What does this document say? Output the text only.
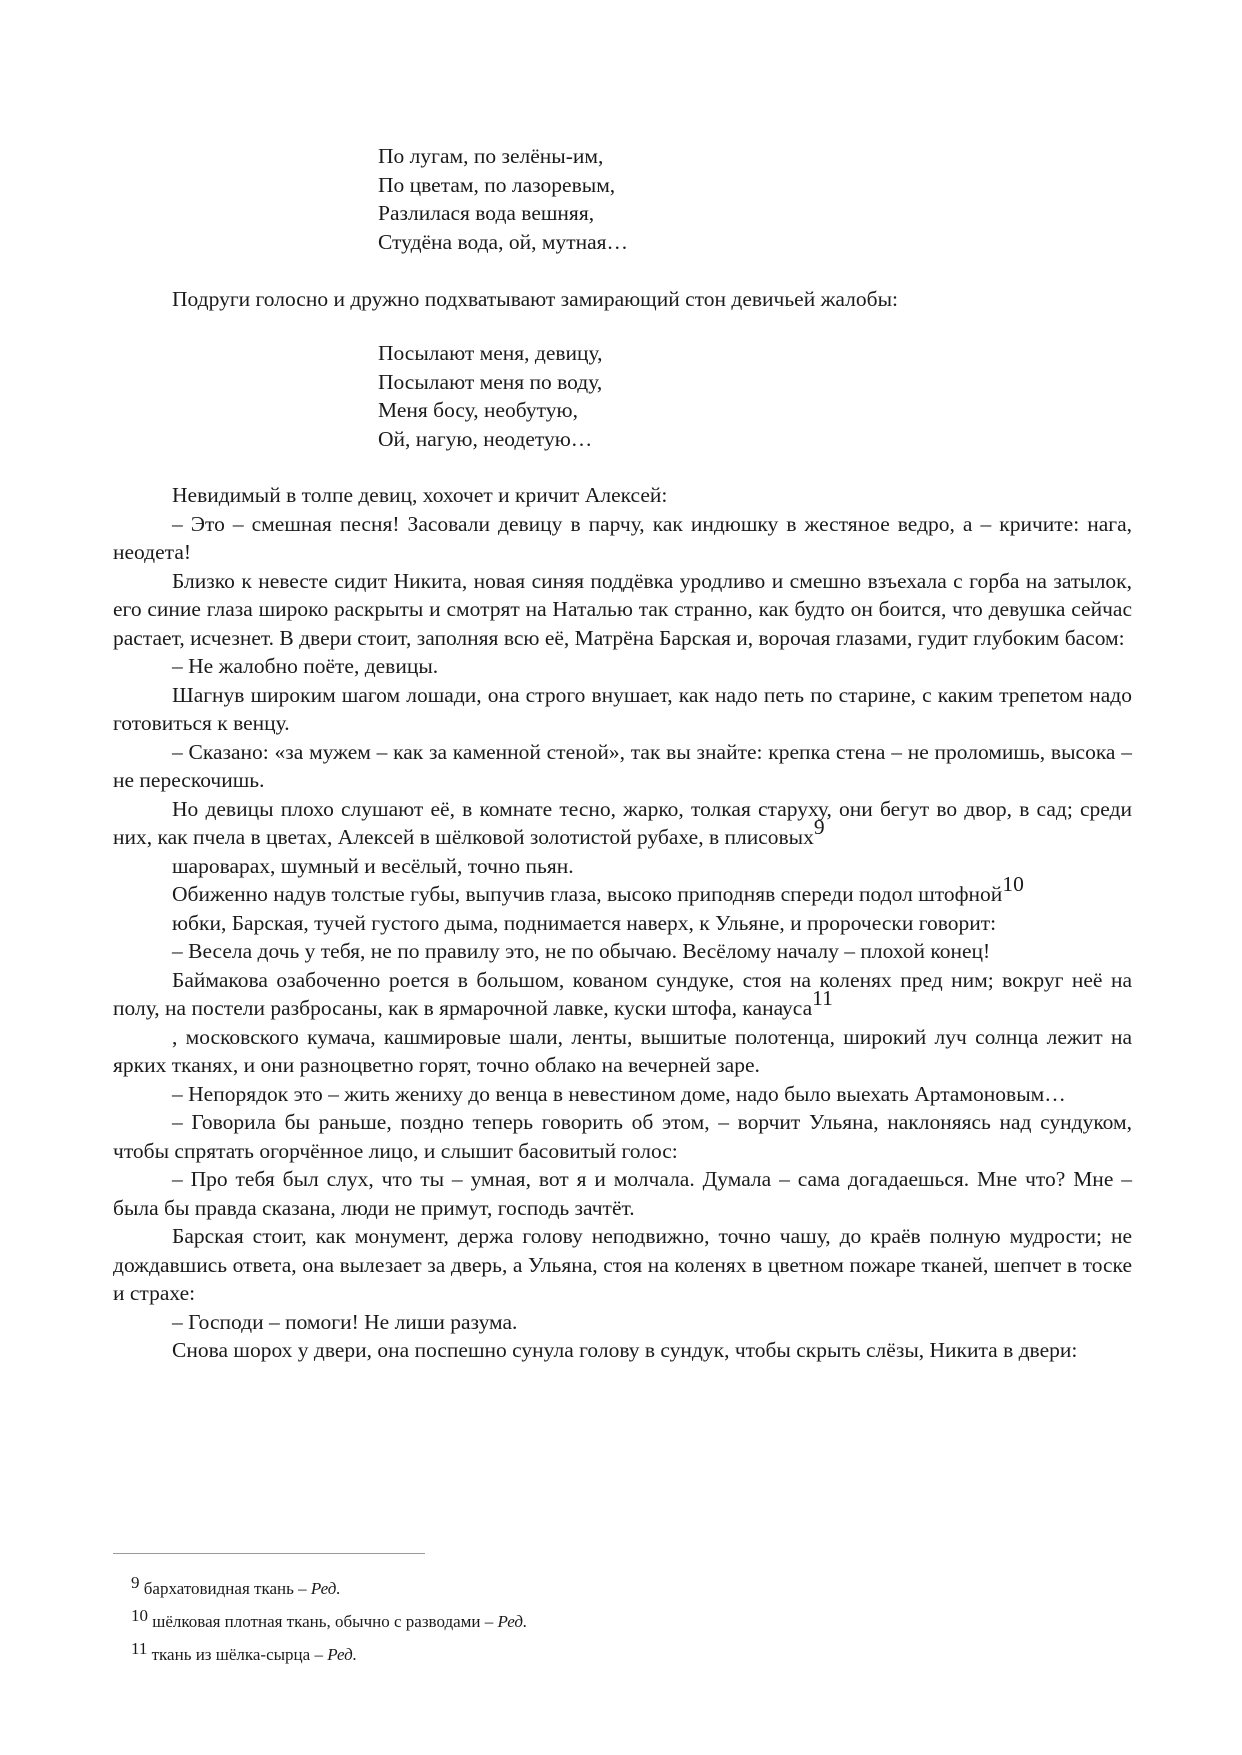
По лугам, по зелёны-им,
По цветам, по лазоревым,
Разлилася вода вешняя,
Студёна вода, ой, мутная…
Подруги голосно и дружно подхватывают замирающий стон девичьей жалобы:
Посылают меня, девицу,
Посылают меня по воду,
Меня босу, необутую,
Ой, нагую, неодетую…

Невидимый в толпе девиц, хохочет и кричит Алексей:

– Это – смешная песня! Засовали девицу в парчу, как индюшку в жестяное ведро, а – кричите: нага, неодета!

Близко к невесте сидит Никита, новая синяя поддёвка уродливо и смешно взъехала с горба на затылок, его синие глаза широко раскрыты и смотрят на Наталью так странно, как будто он боится, что девушка сейчас растает, исчезнет. В двери стоит, заполняя всю её, Матрёна Барская и, ворочая глазами, гудит глубоким басом:

– Не жалобно поёте, девицы.

Шагнув широким шагом лошади, она строго внушает, как надо петь по старине, с каким трепетом надо готовиться к венцу.

– Сказано: «за мужем – как за каменной стеной», так вы знайте: крепка стена – не проломишь, высока – не перескочишь.

Но девицы плохо слушают её, в комнате тесно, жарко, толкая старуху, они бегут во двор, в сад; среди них, как пчела в цветах, Алексей в шёлковой золотистой рубахе, в плисовых$^9$

шароварах, шумный и весёлый, точно пьян.

Обиженно надув толстые губы, выпучив глаза, высоко приподняв спереди подол штофной$^{10}$

юбки, Барская, тучей густого дыма, поднимается наверх, к Ульяне, и пророчески говорит:

– Весела дочь у тебя, не по правилу это, не по обычаю. Весёлому началу – плохой конец!

Баймакова озабоченно роется в большом, кованом сундуке, стоя на коленях пред ним; вокруг неё на полу, на постели разбросаны, как в ярмарочной лавке, куски штофа, канауса$^{11}$

, московского кумача, кашмировые шали, ленты, вышитые полотенца, широкий луч солнца лежит на ярких тканях, и они разноцветно горят, точно облако на вечерней заре.

– Непорядок это – жить жениху до венца в невестином доме, надо было выехать Артамоновым…

– Говорила бы раньше, поздно теперь говорить об этом, – ворчит Ульяна, наклоняясь над сундуком, чтобы спрятать огорчённое лицо, и слышит басовитый голос:

– Про тебя был слух, что ты – умная, вот я и молчала. Думала – сама догадаешься. Мне что? Мне – была бы правда сказана, люди не примут, господь зачтёт.

Барская стоит, как монумент, держа голову неподвижно, точно чашу, до краёв полную мудрости; не дождавшись ответа, она вылезает за дверь, а Ульяна, стоя на коленях в цветном пожаре тканей, шепчет в тоске и страхе:

– Господи – помоги! Не лиши разума.

Снова шорох у двери, она поспешно сунула голову в сундук, чтобы скрыть слёзы, Никита в двери:

9 бархатовидная ткань – Ред.
10 шёлковая плотная ткань, обычно с разводами – Ред.
11 ткань из шёлка-сырца – Ред.
